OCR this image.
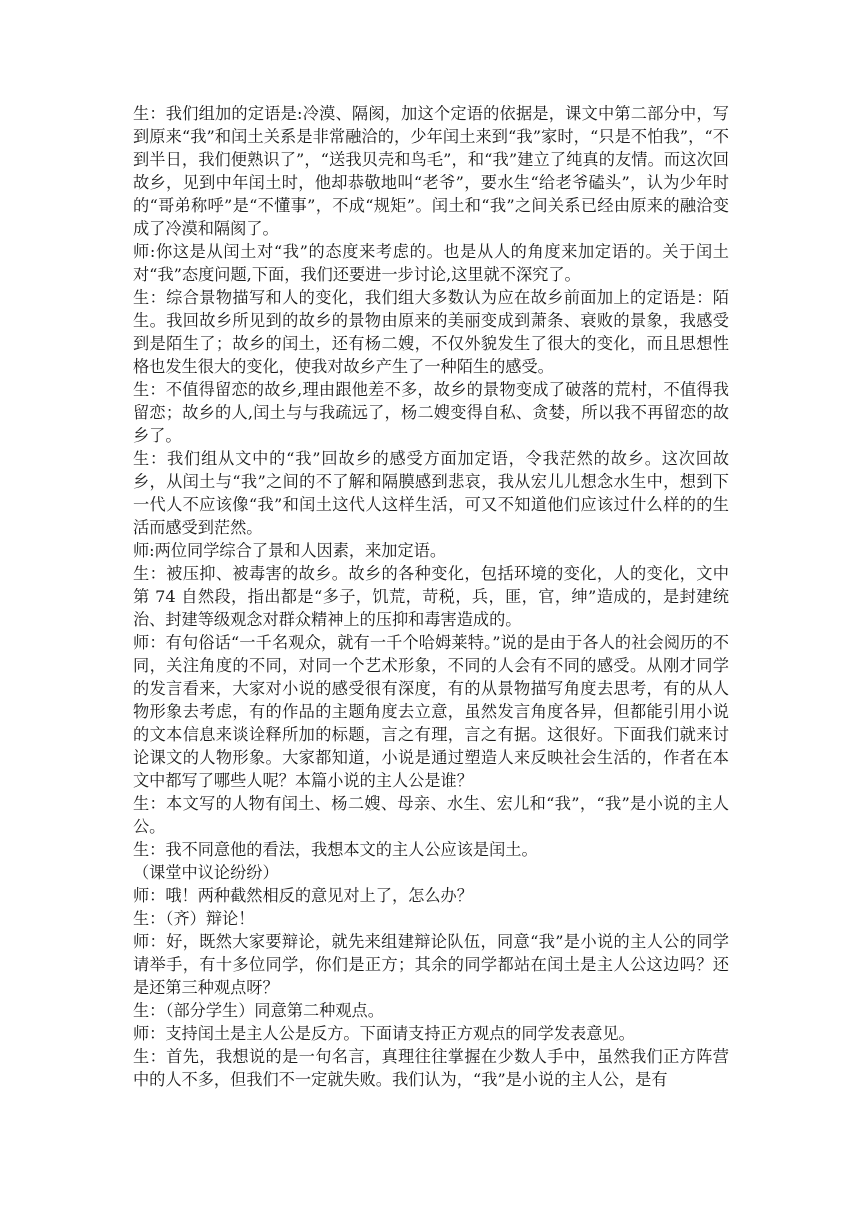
生：我们组加的定语是:冷漠、隔阂，加这个定语的依据是，课文中第二部分中，写到原来“我”和闰土关系是非常融洽的，少年闰土来到“我”家时，“只是不怕我”，“不到半日，我们便熟识了”，“送我贝壳和鸟毛”，和“我”建立了纯真的友情。而这次回故乡，见到中年闰土时，他却恭敬地叫“老爷”，要水生“给老爷磕头”，认为少年时的“哥弟称呼”是“不懂事”，不成“规矩”。闰土和“我”之间关系已经由原来的融洽变成了冷漠和隔阂了。

师:你这是从闰土对“我”的态度来考虑的。也是从人的角度来加定语的。关于闰土对“我”态度问题,下面，我们还要进一步讨论,这里就不深究了。

生：综合景物描写和人的变化，我们组大多数认为应在故乡前面加上的定语是：陌生。我回故乡所见到的故乡的景物由原来的美丽变成到萧条、衰败的景象，我感受到是陌生了；故乡的闰土，还有杨二嫂，不仅外貌发生了很大的变化，而且思想性格也发生很大的变化，使我对故乡产生了一种陌生的感受。

生：不值得留恋的故乡,理由跟他差不多，故乡的景物变成了破落的荒村，不值得我留恋；故乡的人,闰土与与我疏远了，杨二嫂变得自私、贪婪，所以我不再留恋的故乡了。

生：我们组从文中的“我”回故乡的感受方面加定语，令我茫然的故乡。这次回故乡，从闰土与“我”之间的不了解和隔膜感到悲哀，我从宏儿儿想念水生中，想到下一代人不应该像“我”和闰土这代人这样生活，可又不知道他们应该过什么样的的生活而感受到茫然。

师:两位同学综合了景和人因素，来加定语。

生：被压抑、被毒害的故乡。故乡的各种变化，包括环境的变化，人的变化，文中第 74 自然段，指出都是“多子，饥荒，苛税，兵，匪，官，绅”造成的，是封建统治、封建等级观念对群众精神上的压抑和毒害造成的。

师：有句俗话“一千名观众，就有一千个哈姆莱特。”说的是由于各人的社会阅历的不同，关注角度的不同，对同一个艺术形象，不同的人会有不同的感受。从刚才同学的发言看来，大家对小说的感受很有深度，有的从景物描写角度去思考，有的从人物形象去考虑，有的作品的主题角度去立意，虽然发言角度各异，但都能引用小说的文本信息来谈诠释所加的标题，言之有理，言之有据。这很好。下面我们就来讨论课文的人物形象。大家都知道，小说是通过塑造人来反映社会生活的，作者在本文中都写了哪些人呢？本篇小说的主人公是谁？

生：本文写的人物有闰土、杨二嫂、母亲、水生、宏儿和“我”，“我”是小说的主人公。

生：我不同意他的看法，我想本文的主人公应该是闰土。

（课堂中议论纷纷）

师：哦！两种截然相反的意见对上了，怎么办？

生：（齐）辩论！

师：好，既然大家要辩论，就先来组建辩论队伍，同意“我”是小说的主人公的同学请举手，有十多位同学，你们是正方；其余的同学都站在闰土是主人公这边吗？还是还第三种观点呀？

生：（部分学生）同意第二种观点。

师：支持闰土是主人公是反方。下面请支持正方观点的同学发表意见。

生：首先，我想说的是一句名言，真理往往掌握在少数人手中，虽然我们正方阵营中的人不多，但我们不一定就失败。我们认为，“我”是小说的主人公，是有
